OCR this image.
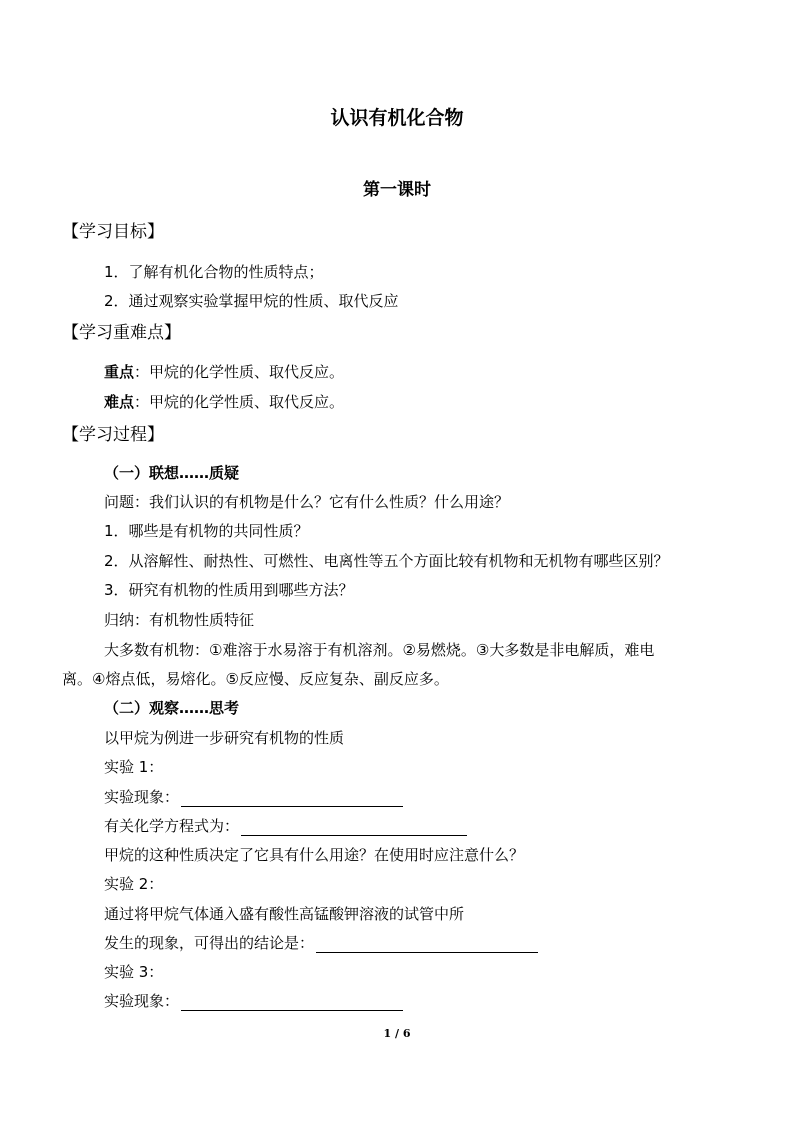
认识有机化合物
第一课时
【学习目标】
1．了解有机化合物的性质特点；
2．通过观察实验掌握甲烷的性质、取代反应
【学习重难点】
重点：甲烷的化学性质、取代反应。
难点：甲烷的化学性质、取代反应。
【学习过程】
（一）联想……质疑
问题：我们认识的有机物是什么？它有什么性质？什么用途？
1．哪些是有机物的共同性质？
2．从溶解性、耐热性、可燃性、电离性等五个方面比较有机物和无机物有哪些区别？
3．研究有机物的性质用到哪些方法？
归纳：有机物性质特征
大多数有机物：①难溶于水易溶于有机溶剂。②易燃烧。③大多数是非电解质，难电
离。④熔点低，易熔化。⑤反应慢、反应复杂、副反应多。
（二）观察……思考
以甲烷为例进一步研究有机物的性质
实验 1：
实验现象：
有关化学方程式为：
甲烷的这种性质决定了它具有什么用途？在使用时应注意什么？
实验 2：
通过将甲烷气体通入盛有酸性高锰酸钾溶液的试管中所
发生的现象，可得出的结论是：
实验 3：
实验现象：
1 / 6
